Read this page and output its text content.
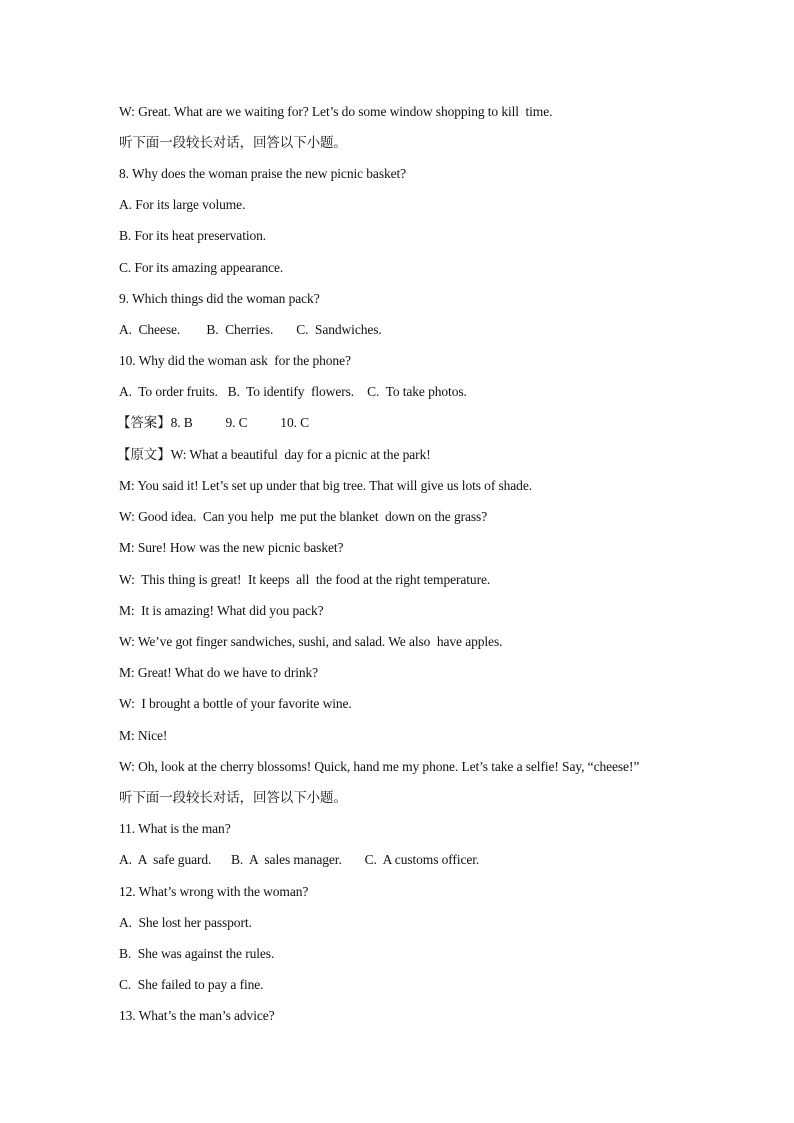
W: Great. What are we waiting for? Let’s do some window shopping to kill  time.
听下面一段较长对话，回答以下小题。
8. Why does the woman praise the new picnic basket?
A. For its large volume.
B. For its heat preservation.
C. For its amazing appearance.
9. Which things did the woman pack?
A.  Cheese.        B.  Cherries.       C.  Sandwiches.
10. Why did the woman ask  for the phone?
A.  To order fruits.   B.  To identify  flowers.    C.  To take photos.
【答案】8. B          9. C          10. C
【原文】W: What a beautiful  day for a picnic at the park!
M: You said it! Let’s set up under that big tree. That will give us lots of shade.
W: Good idea.  Can you help  me put the blanket  down on the grass?
M: Sure! How was the new picnic basket?
W:  This thing is great!  It keeps  all  the food at the right temperature.
M:  It is amazing! What did you pack?
W: We’ve got finger sandwiches, sushi, and salad. We also  have apples.
M: Great! What do we have to drink?
W:  I brought a bottle of your favorite wine.
M: Nice!
W: Oh, look at the cherry blossoms! Quick, hand me my phone. Let’s take a selfie! Say, “cheese!”
听下面一段较长对话，回答以下小题。
11. What is the man?
A.  A  safe guard.      B.  A  sales manager.       C.  A customs officer.
12. What’s wrong with the woman?
A.  She lost her passport.
B.  She was against the rules.
C.  She failed to pay a fine.
13. What’s the man’s advice?
